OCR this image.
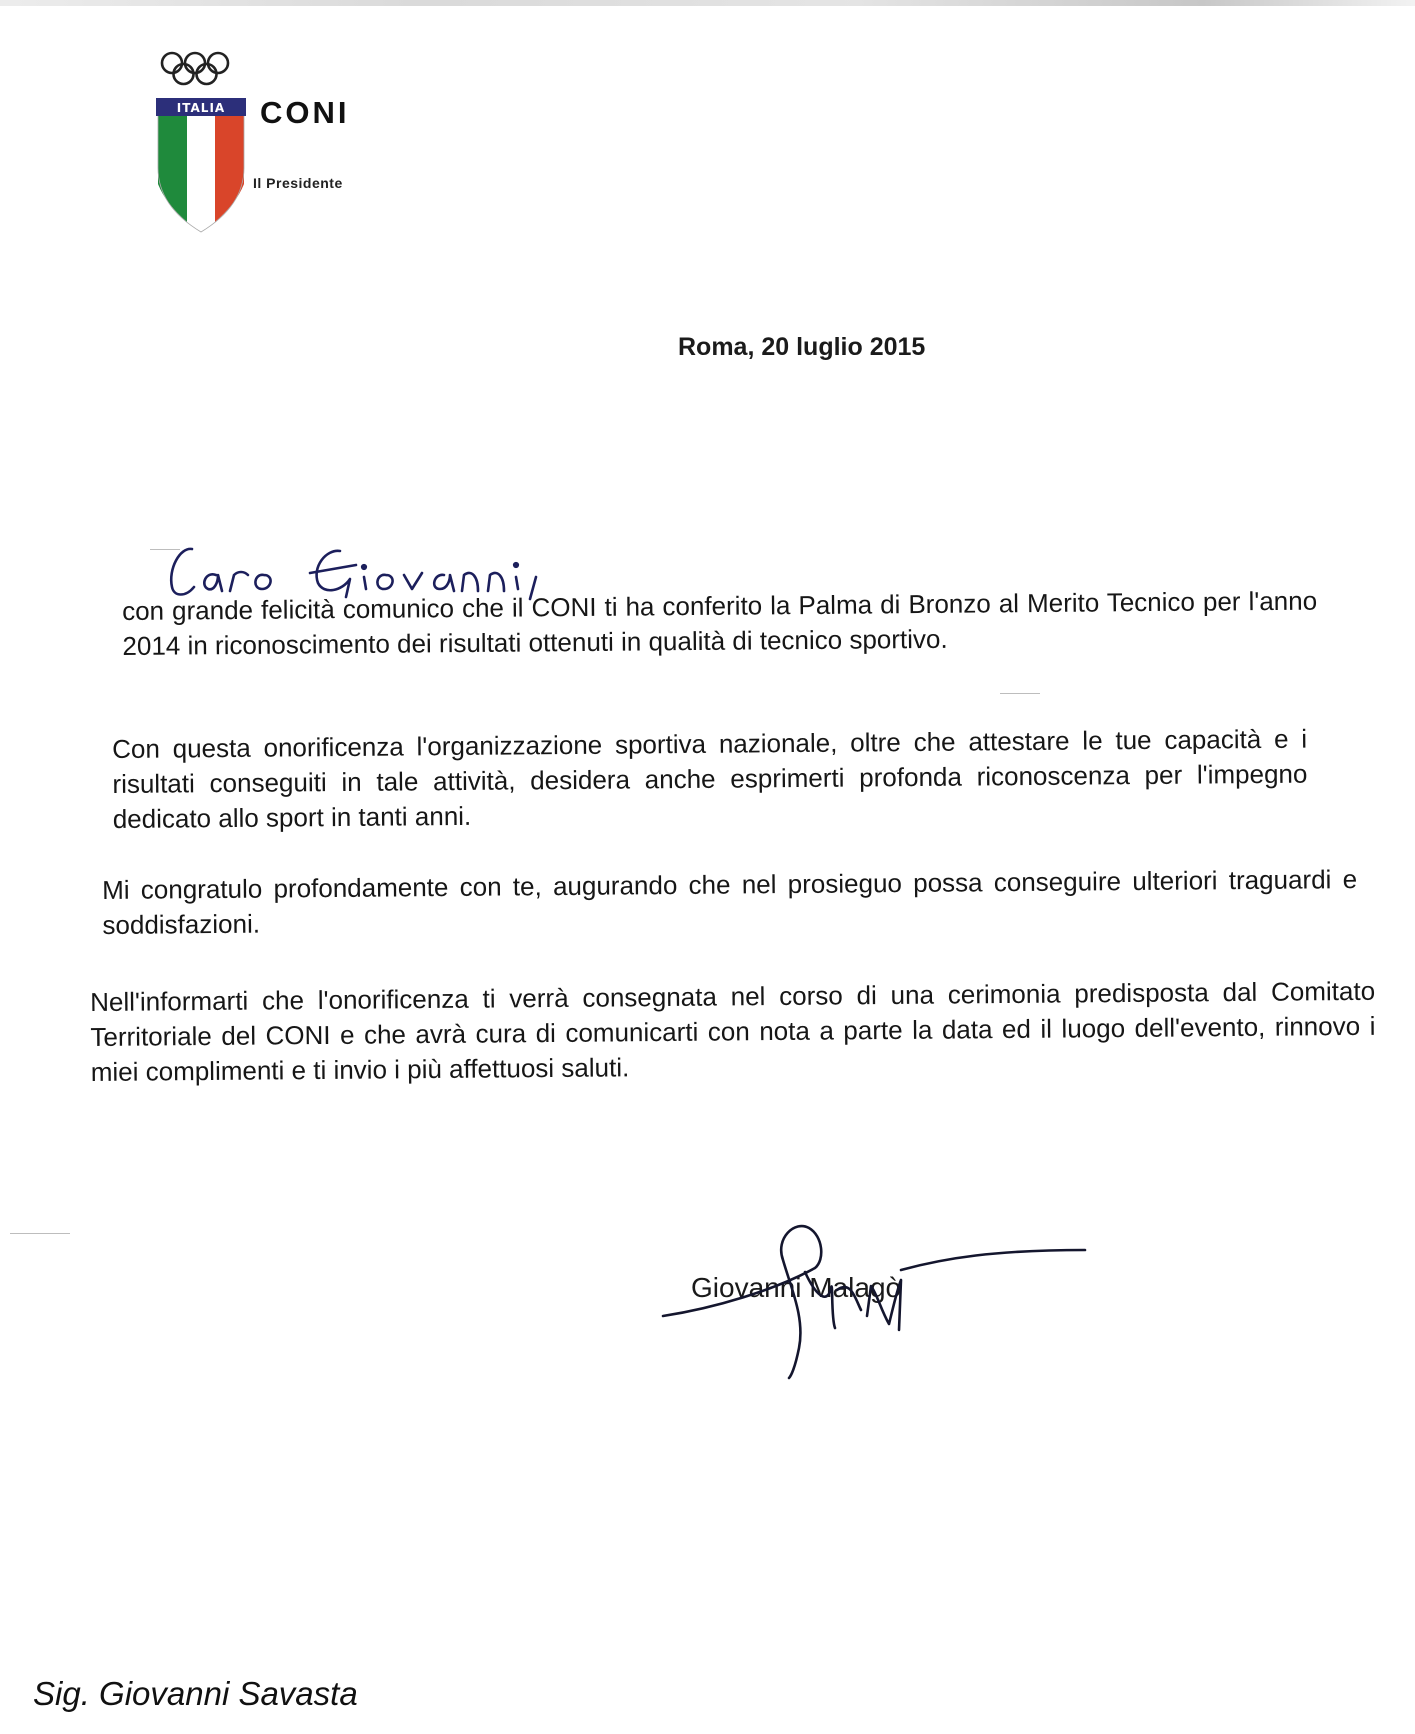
ITALIA CONI
Il Presidente
Roma, 20 luglio 2015

con grande felicità comunico che il CONI ti ha conferito la Palma di Bronzo al Merito Tecnico per l'anno 2014 in riconoscimento dei risultati ottenuti in qualità di tecnico sportivo.

Con questa onorificenza l'organizzazione sportiva nazionale, oltre che attestare le tue capacità e i risultati conseguiti in tale attività, desidera anche esprimerti profonda riconoscenza per l'impegno dedicato allo sport in tanti anni.

Mi congratulo profondamente con te, augurando che nel prosieguo possa conseguire ulteriori traguardi e soddisfazioni.

Nell'informarti che l'onorificenza ti verrà consegnata nel corso di una cerimonia predisposta dal Comitato Territoriale del CONI e che avrà cura di comunicarti con nota a parte la data ed il luogo dell'evento, rinnovo i miei complimenti e ti invio i più affettuosi saluti.

Giovanni Malagò
Sig. Giovanni Savasta
